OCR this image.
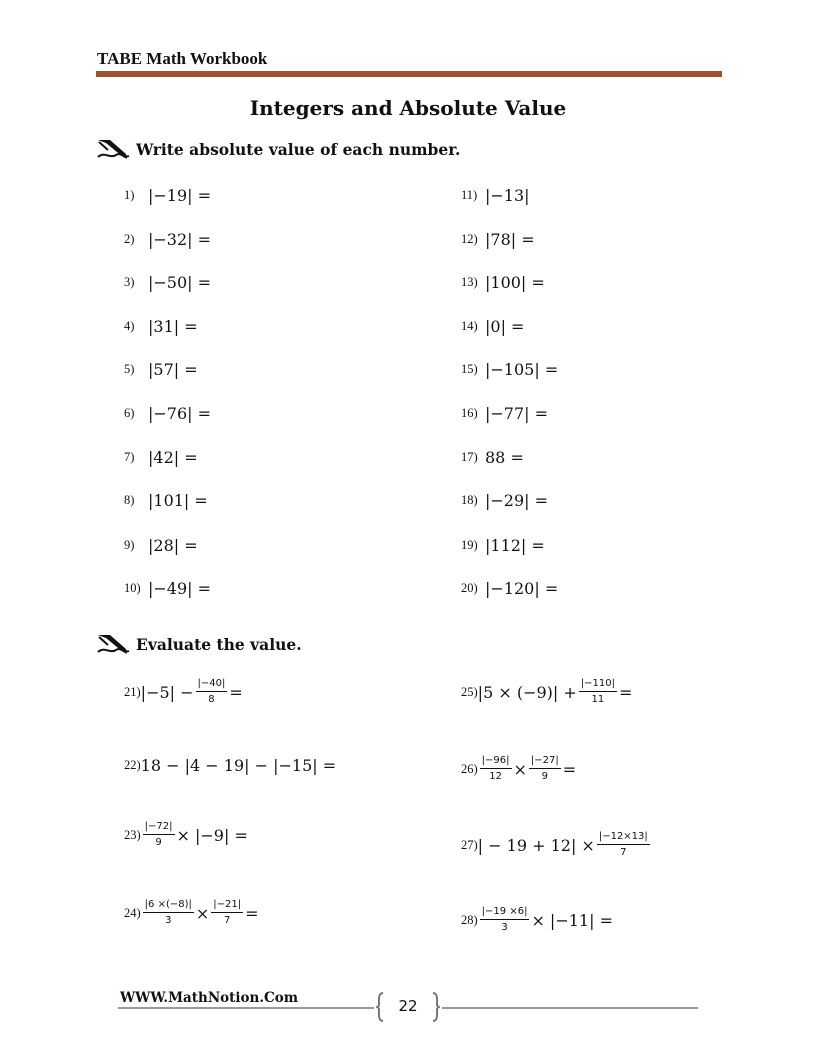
TABE Math Workbook
Integers and Absolute Value
Write absolute value of each number.
1) |−19| =
2) |−32| =
3) |−50| =
4) |31| =
5) |57| =
6) |−76| =
7) |42| =
8) |101| =
9) |28| =
10) |−49| =
11) |−13|
12) |78| =
13) |100| =
14) |0| =
15) |−105| =
16) |−77| =
17) 88 =
18) |−29| =
19) |112| =
20) |−120| =
Evaluate the value.
21) $|-5| - \frac{|-40|}{8}$ =
22) 18 − |4 − 19| − |−15| =
$23) \frac{|-72|}{9} \times |-9|$ =
$24) \frac{|6 \times(-8)|}{3} \times \frac{|-21|}{7}$ =
25) $|5 \times (-9)| + \frac{|-110|}{11}$ =
$26) \frac{|-96|}{12} \times \frac{|-27|}{9}$ =
27) | − $19 + 12| \times \frac{|-12\times 13|}{7}$
$28) \frac{|-19 \times 6|}{3} \times |-11|$ =
WWW.MathNotion.Com	22
